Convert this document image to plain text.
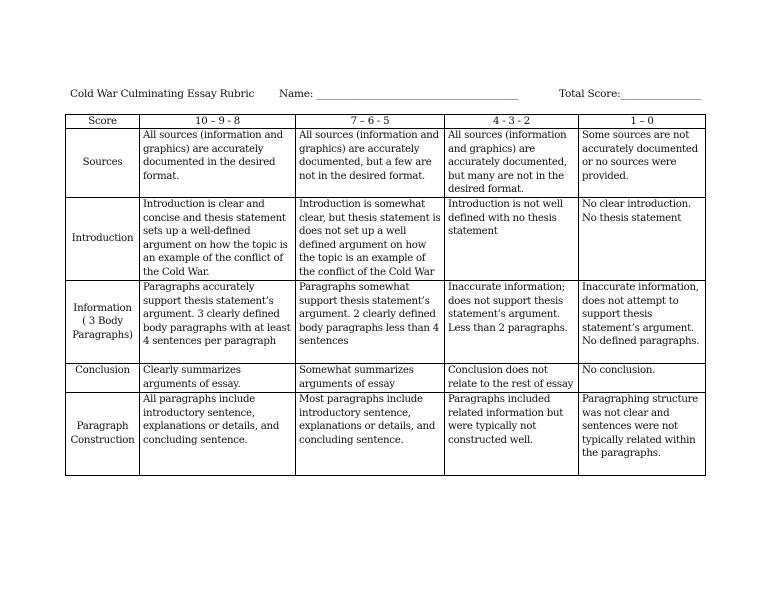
Cold War Culminating Essay Rubric Name: ________________________________________	Total Score:________________
Score	10 – 9 - 8	7 – 6 - 5	4 - 3 - 2	1 – 0
Sources	All sources (information and graphics) are accurately documented in the desired format.	All sources (information and graphics) are accurately documented, but a few are not in the desired format.	All sources (information and graphics) are accurately documented, but many are not in the desired format.	Some sources are not accurately documented or no sources were provided.
Introduction	Introduction is clear and concise and thesis statement sets up a well-defined argument on how the topic is an example of the conflict of the Cold War.	Introduction is somewhat clear, but thesis statement is does not set up a well defined argument on how the topic is an example of the conflict of the Cold War	Introduction is not well defined with no thesis statement	No clear introduction. No thesis statement

Information
( 3 Body
Paragraphs)	Paragraphs accurately support thesis statement’s argument. 3 clearly defined body paragraphs with at least 4 sentences per paragraph	Paragraphs somewhat support thesis statement’s argument. 2 clearly defined body paragraphs less than 4 sentences	Inaccurate information; does not support thesis statement’s argument. Less than 2 paragraphs.	Inaccurate information, does not attempt to support thesis statement’s argument. No defined paragraphs.
Conclusion	Clearly summarizes arguments of essay.	Somewhat summarizes arguments of essay	Conclusion does not relate to the rest of essay	No conclusion.

Paragraph
Construction	All paragraphs include introductory sentence, explanations or details, and concluding sentence.	Most paragraphs include introductory sentence, explanations or details, and concluding sentence.	Paragraphs included related information but were typically not constructed well.	Paragraphing structure was not clear and sentences were not typically related within the paragraphs.
